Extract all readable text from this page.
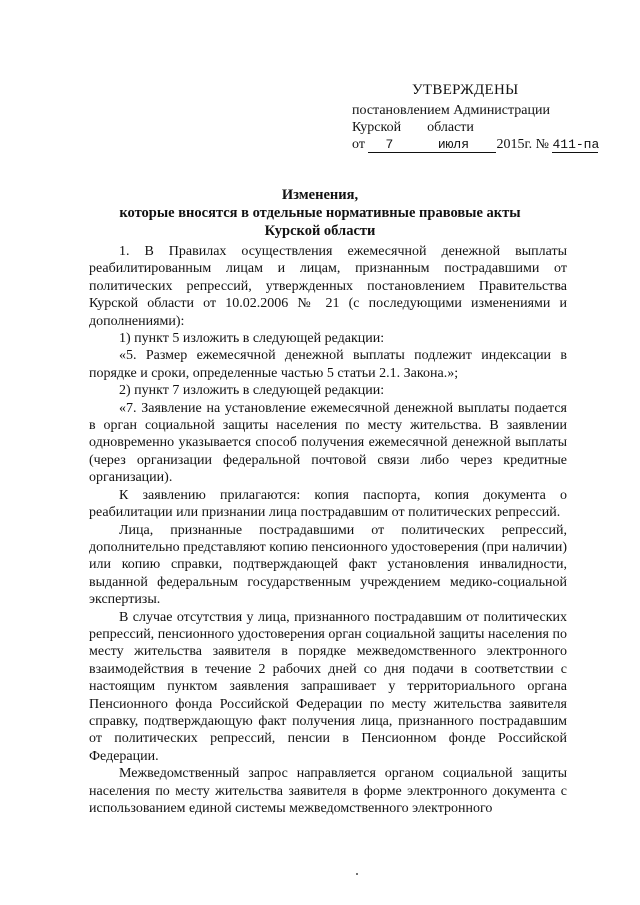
УТВЕРЖДЕНЫ
постановлением Администрации
Курской области
от 7	июля 2015г. № 411-па
Изменения,
которые вносятся в отдельные нормативные правовые акты
Курской области

1. В Правилах осуществления ежемесячной денежной выплаты реабилитированным лицам и лицам, признанным пострадавшими от политических репрессий, утвержденных постановлением Правительства Курской области от 10.02.2006 № 21 (с последующими изменениями и дополнениями):

1) пункт 5 изложить в следующей редакции:

«5. Размер ежемесячной денежной выплаты подлежит индексации в порядке и сроки, определенные частью 5 статьи 2.1. Закона.»;

2) пункт 7 изложить в следующей редакции:

«7. Заявление на установление ежемесячной денежной выплаты подается в орган социальной защиты населения по месту жительства. В заявлении одновременно указывается способ получения ежемесячной денежной выплаты (через организации федеральной почтовой связи либо через кредитные организации).

К заявлению прилагаются: копия паспорта, копия документа о реабилитации или признании лица пострадавшим от политических репрессий.

Лица, признанные пострадавшими от политических репрессий, дополнительно представляют копию пенсионного удостоверения (при наличии) или копию справки, подтверждающей факт установления инвалидности, выданной федеральным государственным учреждением медико-социальной экспертизы.

В случае отсутствия у лица, признанного пострадавшим от политических репрессий, пенсионного удостоверения орган социальной защиты населения по месту жительства заявителя в порядке межведомственного электронного взаимодействия в течение 2 рабочих дней со дня подачи в соответствии с настоящим пунктом заявления запрашивает у территориального органа Пенсионного фонда Российской Федерации по месту жительства заявителя справку, подтверждающую факт получения лица, признанного пострадавшим от политических репрессий, пенсии в Пенсионном фонде Российской Федерации.

Межведомственный запрос направляется органом социальной защиты населения по месту жительства заявителя в форме электронного документа с использованием единой системы межведомственного электронного
